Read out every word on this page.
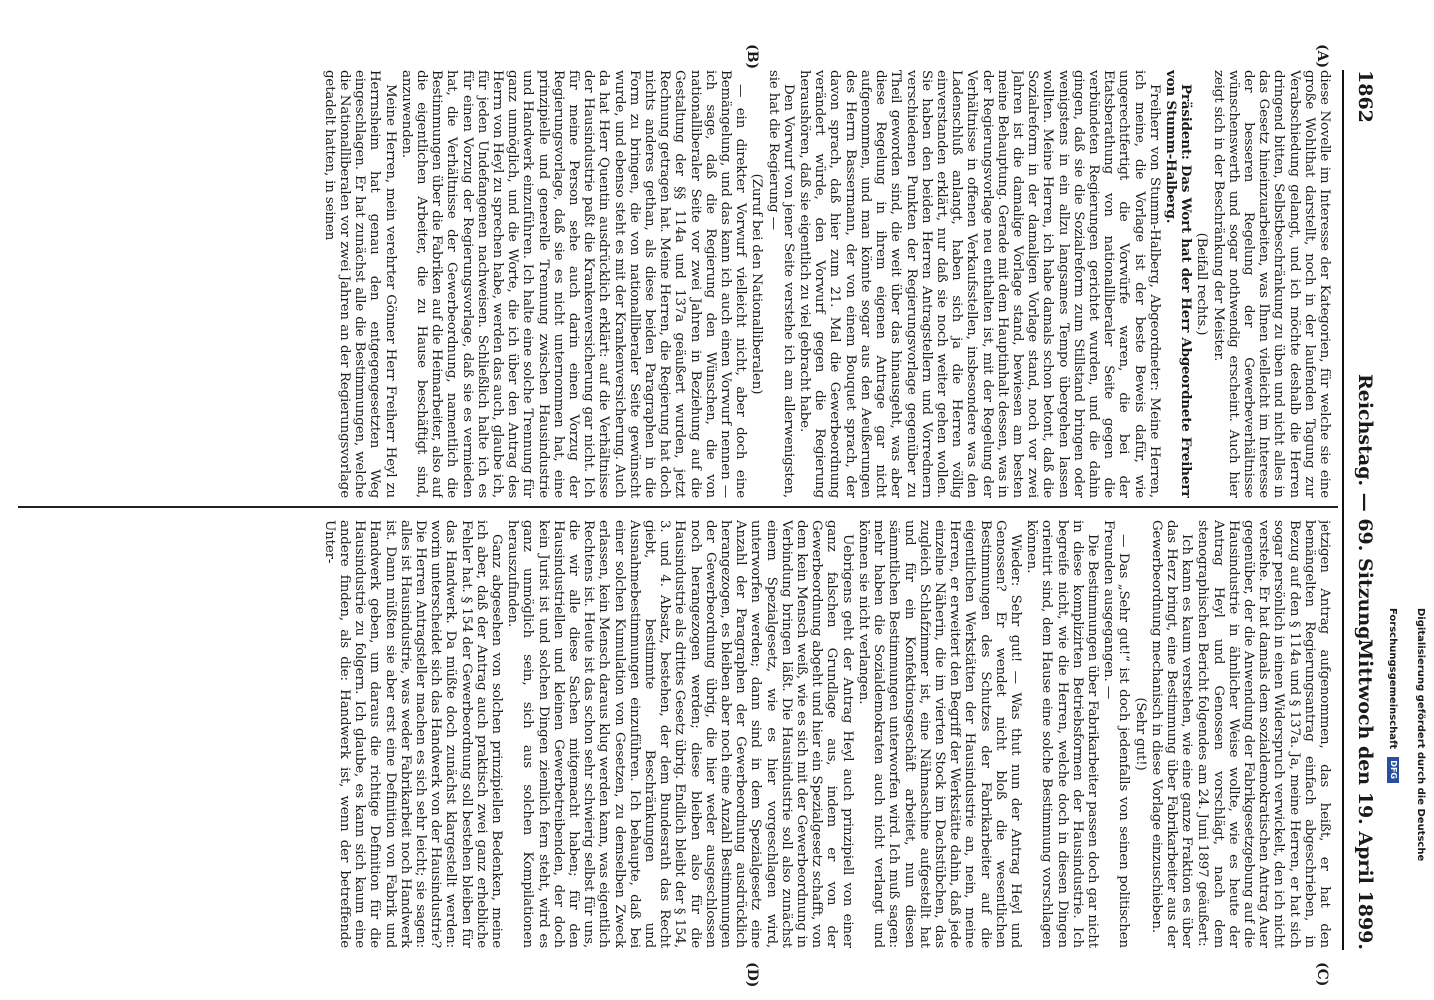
1862
Reichstag. — 69. Sitzung.
Mittwoch den 19. April 1899.
(A)
(B)
(C)
(D)

diese Novelle im Interesse der Kategorien, für welche sie eine große Wohlthat darstellt, noch in der laufenden Tagung zur Verabschiedung gelangt, und ich möchte deshalb die Herren dringend bitten, Selbstbeschränkung zu üben und nicht alles in das Gesetz hineinzuarbeiten, was Ihnen vielleicht im Interesse der besseren Regelung der Gewerbeverhältnisse wünschenswerth und sogar nothwendig erscheint. Auch hier zeigt sich in der Beschränkung der Meister.

(Beifall rechts.)

Präsident: Das Wort hat der Herr Abgeordnete Freiherr von Stumm-Halberg.

Freiherr von Stumm-Halberg, Abgeordneter: Meine Herren, ich meine, die Vorlage ist der beste Beweis dafür, wie ungerechtfertigt die Vorwürfe waren, die bei der Etatsberathung von nationalliberaler Seite gegen die verbündeten Regierungen gerichtet wurden, und die dahin gingen, daß sie die Sozialreform zum Stillstand bringen oder wenigstens in ein allzu langsames Tempo übergehen lassen wollten. Meine Herren, ich habe damals schon betont, daß die Sozialreform in der damaligen Vorlage stand, noch vor zwei Jahren ist die damalige Vorlage stand, bewiesen am besten meine Behauptung. Gerade mit dem Hauptinhalt dessen, was in der Regierungsvorlage neu enthalten ist, mit der Regelung der Verhältnisse in offenen Verkaufsstellen, insbesondere was den Ladenschluß anlangt, haben sich ja die Herren völlig einverstanden erklärt, nur daß sie noch weiter gehen wollen. Sie haben den beiden Herren Antragstellern und Vorrednern verschiedenen Punkten der Regierungsvorlage gegenüber zu Theil geworden sind, die weit über das hinausgeht, was aber diese Regelung in ihrem eigenen Antrage gar nicht aufgenommen, und man könnte sogar aus den Aeußerungen des Herrn Bassermann, der von einem Bouquet sprach, der davon sprach, daß hier zum 21. Mal die Gewerbeordnung verändert würde, den Vorwurf gegen die Regierung heraushören, daß sie eigentlich zu viel gebracht habe.

Den Vorwurf von jener Seite verstehe ich am allerwenigsten, sie hat die Regierung —

(Zuruf bei den Nationalliberalen)

— ein direkter Vorwurf vielleicht nicht, aber doch eine Bemängelung, und das kann ich auch einen Vorwurf nennen — ich sage, daß die Regierung den Wünschen, die von nationalliberaler Seite vor zwei Jahren in Beziehung auf die Gestaltung der §§ 114a und 137a geäußert wurden, jetzt Rechnung getragen hat. Meine Herren, die Regierung hat doch nichts anderes gethan, als diese beiden Paragraphen in die Form zu bringen, die von nationalliberaler Seite gewünscht wurde, und ebenso steht es mit der Krankenversicherung. Auch da hat Herr Quentin ausdrücklich erklärt: auf die Verhältnisse der Hausindustrie paßt die Krankenversicherung gar nicht. Ich für meine Person sehe auch darin einen Vorzug der Regierungsvorlage, daß sie es nicht unternommen hat, eine prinzipielle und generelle Trennung zwischen Hausindustrie und Handwerk einzuführen. Ich halte eine solche Trennung für ganz unmöglich, und die Worte, die ich über den Antrag des Herrn von Heyl zu sprechen habe, werden das auch, glaube ich, für jeden Undefangenen nachweisen. Schließlich halte ich es für einen Vorzug der Regierungsvorlage, daß sie es vermieden hat, die Verhältnisse der Gewerbeordnung, namentlich die Bestimmungen über die Fabriken auf die Heimarbeiter, also auf die eigentlichen Arbeiter, die zu Hause beschäftigt sind, anzuwenden.

Meine Herren, mein verehrter Gönner Herr Freiherr Heyl zu Herrnsheim hat genau den entgegengesetzten Weg eingeschlagen. Er hat zunächst alle die Bestimmungen, welche die Nationalliberalen vor zwei Jahren an der Regierungsvorlage getadelt hatten, in seinen

jetzigen Antrag aufgenommen, das heißt, er hat den bemängelten Regierungsantrag einfach abgeschrieben, in Bezug auf den § 114a und § 137a. Ja, meine Herren, er hat sich sogar persönlich in einen Widerspruch verwickelt, den ich nicht verstehe. Er hat damals dem sozialdemokratischen Antrag Auer gegenüber, der die Anwendung der Fabrikgesetzgebung auf die Hausindustrie in ähnlicher Weise wollte, wie es heute der Antrag Heyl und Genossen vorschlägt, nach dem stenographischen Bericht folgendes am 24. Juni 1897 geäußert:

Ich kann es kaum verstehen, wie eine ganze Fraktion es über das Herz bringt, eine Bestimmung über Fabrikarbeiter aus der Gewerbeordnung mechanisch in diese Vorlage einzuschieben.

(Sehr gut!)

— Das „Sehr gut!“ ist doch jedenfalls von seinen politischen Freunden ausgegangen. —

Die Bestimmungen über Fabrikarbeiter passen doch gar nicht in diese komplizirten Betriebsformen der Hausindustrie. Ich begreife nicht, wie die Herren, welche doch in diesen Dingen orientirt sind, dem Hause eine solche Bestimmung vorschlagen können.

Wieder: Sehr gut! — Was thut nun der Antrag Heyl und Genossen? Er wendet nicht bloß die wesentlichen Bestimmungen des Schutzes der Fabrikarbeiter auf die eigentlichen Werkstätten der Hausindustrie an, nein, meine Herren, er erweitert den Begriff der Werkstätte dahin, daß jede einzelne Näherin, die im vierten Stock im Dachstübchen, das zugleich Schlafzimmer ist, eine Nähmaschine aufgestellt hat und für ein Konfektionsgeschäft arbeitet, nun diesen sämmtlichen Bestimmungen unterworfen wird. Ich muß sagen: mehr haben die Sozialdemokraten auch nicht verlangt und können sie nicht verlangen.

Uebrigens geht der Antrag Heyl auch prinzipiell von einer ganz falschen Grundlage aus, indem er von der Gewerbeordnung abgeht und hier ein Spezialgesetz schafft, von dem kein Mensch weiß, wie es sich mit der Gewerbeordnung in Verbindung bringen läßt. Die Hausindustrie soll also zunächst einem Spezialgesetz, wie es hier vorgeschlagen wird, unterworfen werden; dann sind in dem Spezialgesetz eine Anzahl der Paragraphen der Gewerbeordnung ausdrücklich herangezogen, es bleiben aber noch eine Anzahl Bestimmungen der Gewerbeordnung übrig, die hier weder ausgeschlossen noch herangezogen werden; diese bleiben also für die Hausindustrie als drittes Gesetz übrig. Endlich bleibt der § 154, 3. und 4. Absatz, bestehen, der dem Bundesrath das Recht giebt, bestimmte Beschränkungen und Ausnahmebestimmungen einzuführen. Ich behaupte, daß bei einer solchen Kumulation von Gesetzen, zu demselben Zweck erlassen, kein Mensch daraus klug werden kann, was eigentlich Rechtens ist. Heute ist das schon sehr schwierig selbst für uns, die wir alle diese Sachen mitgemacht haben; für den Hausindustriellen und kleinen Gewerbetreibenden, der doch kein Jurist ist und solchen Dingen ziemlich fern steht, wird es ganz unmöglich sein, sich aus solchen Kompilationen herauszufinden.

Ganz abgesehen von solchen prinzipiellen Bedenken, meine ich aber, daß der Antrag auch praktisch zwei ganz erhebliche Fehler hat. § 154 der Gewerbeordnung soll bestehen bleiben für das Handwerk. Da müßte doch zunächst klargestellt werden: worin unterscheidet sich das Handwerk von der Hausindustrie? Die Herren Antragsteller machen es sich sehr leicht; sie sagen: alles ist Hausindustrie, was weder Fabrikarbeit noch Handwerk ist. Dann müßten sie aber erst eine Definition von Fabrik und Handwerk geben, um daraus die richtige Definition für die Hausindustrie zu folgern. Ich glaube, es kann sich kaum eine andere finden, als die: Handwerk ist, wenn der betreffende Unter-

Digitalisierung gefördert durch die Deutsche Forschungsgemeinschaft DFG
